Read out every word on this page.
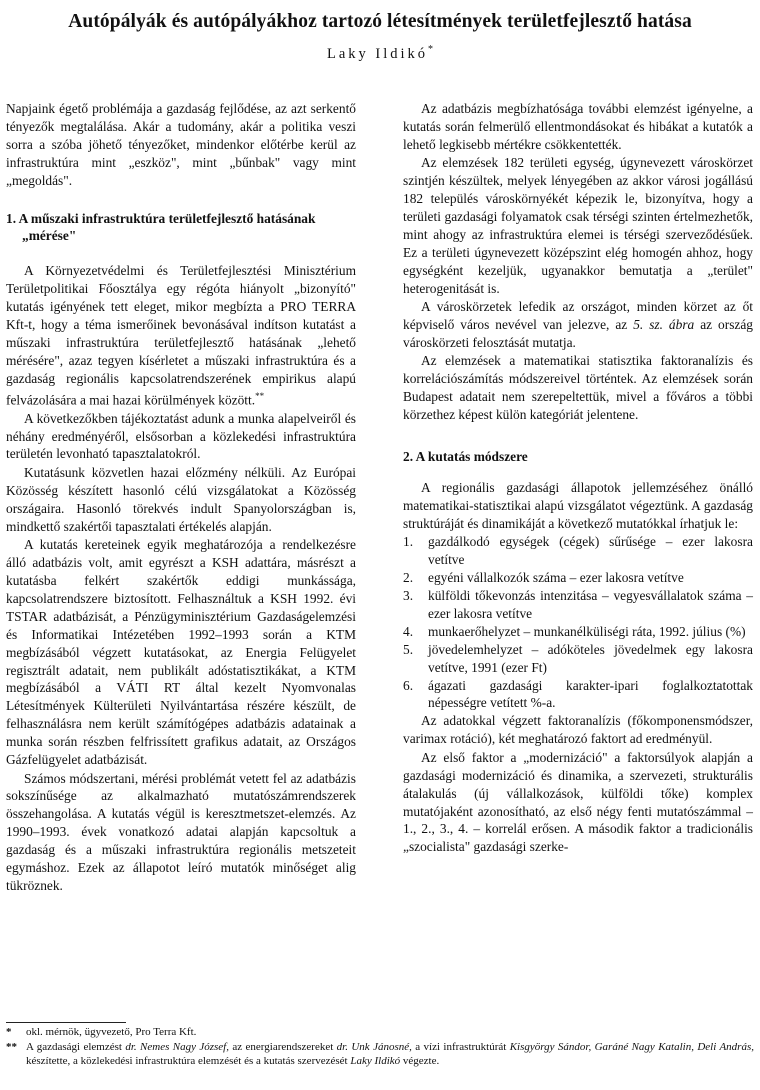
Autópályák és autópályákhoz tartozó létesítmények területfejlesztő hatása
Laky Ildikó*

Napjaink égető problémája a gazdaság fejlődése, az azt serkentő tényezők megtalálása. Akár a tudomány, akár a politika veszi sorra a szóba jöhető tényezőket, mindenkor előtérbe kerül az infrastruktúra mint „eszköz", mint „bűnbak" vagy mint „megoldás".

1. A műszaki infrastruktúra területfejlesztő hatásának „mérése"

A Környezetvédelmi és Területfejlesztési Minisztérium Területpolitikai Főosztálya egy régóta hiányolt „bizonyító" kutatás igényének tett eleget, mikor megbízta a PRO TERRA Kft-t, hogy a téma ismerőinek bevonásával indítson kutatást a műszaki infrastruktúra területfejlesztő hatásának „lehető mérésére", azaz tegyen kísérletet a műszaki infrastruktúra és a gazdaság regionális kapcsolatrendszerének empirikus alapú felvázolására a mai hazai körülmények között.**

A következőkben tájékoztatást adunk a munka alapelveiről és néhány eredményéről, elsősorban a közlekedési infrastruktúra területén levonható tapasztalatokról.

Kutatásunk közvetlen hazai előzmény nélküli. Az Európai Közösség készített hasonló célú vizsgálatokat a Közösség országaira. Hasonló törekvés indult Spanyolországban is, mindkettő szakértői tapasztalati értékelés alapján.

A kutatás kereteinek egyik meghatározója a rendelkezésre álló adatbázis volt, amit egyrészt a KSH adattára, másrészt a kutatásba felkért szakértők eddigi munkássága, kapcsolatrendszere biztosított. Felhasználtuk a KSH 1992. évi TSTAR adatbázisát, a Pénzügyminisztérium Gazdaságelemzési és Informatikai Intézetében 1992–1993 során a KTM megbízásából végzett kutatásokat, az Energia Felügyelet regisztrált adatait, nem publikált adóstatisztikákat, a KTM megbízásából a VÁTI RT által kezelt Nyomvonalas Létesítmények Külterületi Nyilvántartása részére készült, de felhasználásra nem került számítógépes adatbázis adatainak a munka során részben felfrissített grafikus adatait, az Országos Gázfelügyelet adatbázisát.

Számos módszertani, mérési problémát vetett fel az adatbázis sokszínűsége az alkalmazható mutatószámrendszerek összehangolása. A kutatás végül is keresztmetszet-elemzés. Az 1990–1993. évek vonatkozó adatai alapján kapcsoltuk a gazdaság és a műszaki infrastruktúra regionális metszeteit egymáshoz. Ezek az állapotot leíró mutatók minőséget alig tükröznek.

Az adatbázis megbízhatósága további elemzést igényelne, a kutatás során felmerülő ellentmondásokat és hibákat a kutatók a lehető legkisebb mértékre csökkentették.

Az elemzések 182 területi egység, úgynevezett városkörzet szintjén készültek, melyek lényegében az akkor városi jogállású 182 település városkörnyékét képezik le, bizonyítva, hogy a területi gazdasági folyamatok csak térségi szinten értelmezhetők, mint ahogy az infrastruktúra elemei is térségi szerveződésűek. Ez a területi úgynevezett középszint elég homogén ahhoz, hogy egységként kezeljük, ugyanakkor bemutatja a „terület" heterogenitását is.

A városkörzetek lefedik az országot, minden körzet az őt képviselő város nevével van jelezve, az 5. sz. ábra az ország városkörzeti felosztását mutatja.

Az elemzések a matematikai statisztika faktoranalízis és korrelációszámítás módszereivel történtek. Az elemzések során Budapest adatait nem szerepeltettük, mivel a főváros a többi körzethez képest külön kategóriát jelentene.

2. A kutatás módszere

A regionális gazdasági állapotok jellemzéséhez önálló matematikai-statisztikai alapú vizsgálatot végeztünk. A gazdaság struktúráját és dinamikáját a következő mutatókkal írhatjuk le:

1. gazdálkodó egységek (cégek) sűrűsége – ezer lakosra vetítve
2. egyéni vállalkozók száma – ezer lakosra vetítve
3. külföldi tőkevonzás intenzitása – vegyesvállalatok száma – ezer lakosra vetítve
4. munkaerőhelyzet – munkanélküliségi ráta, 1992. július (%)
5. jövedelemhelyzet – adóköteles jövedelmek egy lakosra vetítve, 1991 (ezer Ft)
6. ágazati gazdasági karakter-ipari foglalkoztatottak népességre vetített %-a.

Az adatokkal végzett faktoranalízis (főkomponensmódszer, varimax rotáció), két meghatározó faktort ad eredményül.

Az első faktor a „modernizáció" a faktorsúlyok alapján a gazdasági modernizáció és dinamika, a szervezeti, strukturális átalakulás (új vállalkozások, külföldi tőke) komplex mutatójaként azonosítható, az első négy fenti mutatószámmal – 1., 2., 3., 4. – korrelál erősen. A második faktor a tradicionális „szocialista" gazdasági szerke-

* okl. mérnök, ügyvezető, Pro Terra Kft.
** A gazdasági elemzést dr. Nemes Nagy József, az energiarendszereket dr. Unk Jánosné, a vízi infrastruktúrát Kisgyörgy Sándor, Garáné Nagy Katalin, Deli András, készítette, a közlekedési infrastruktúra elemzését és a kutatás szervezését Laky Ildikó végezte.
